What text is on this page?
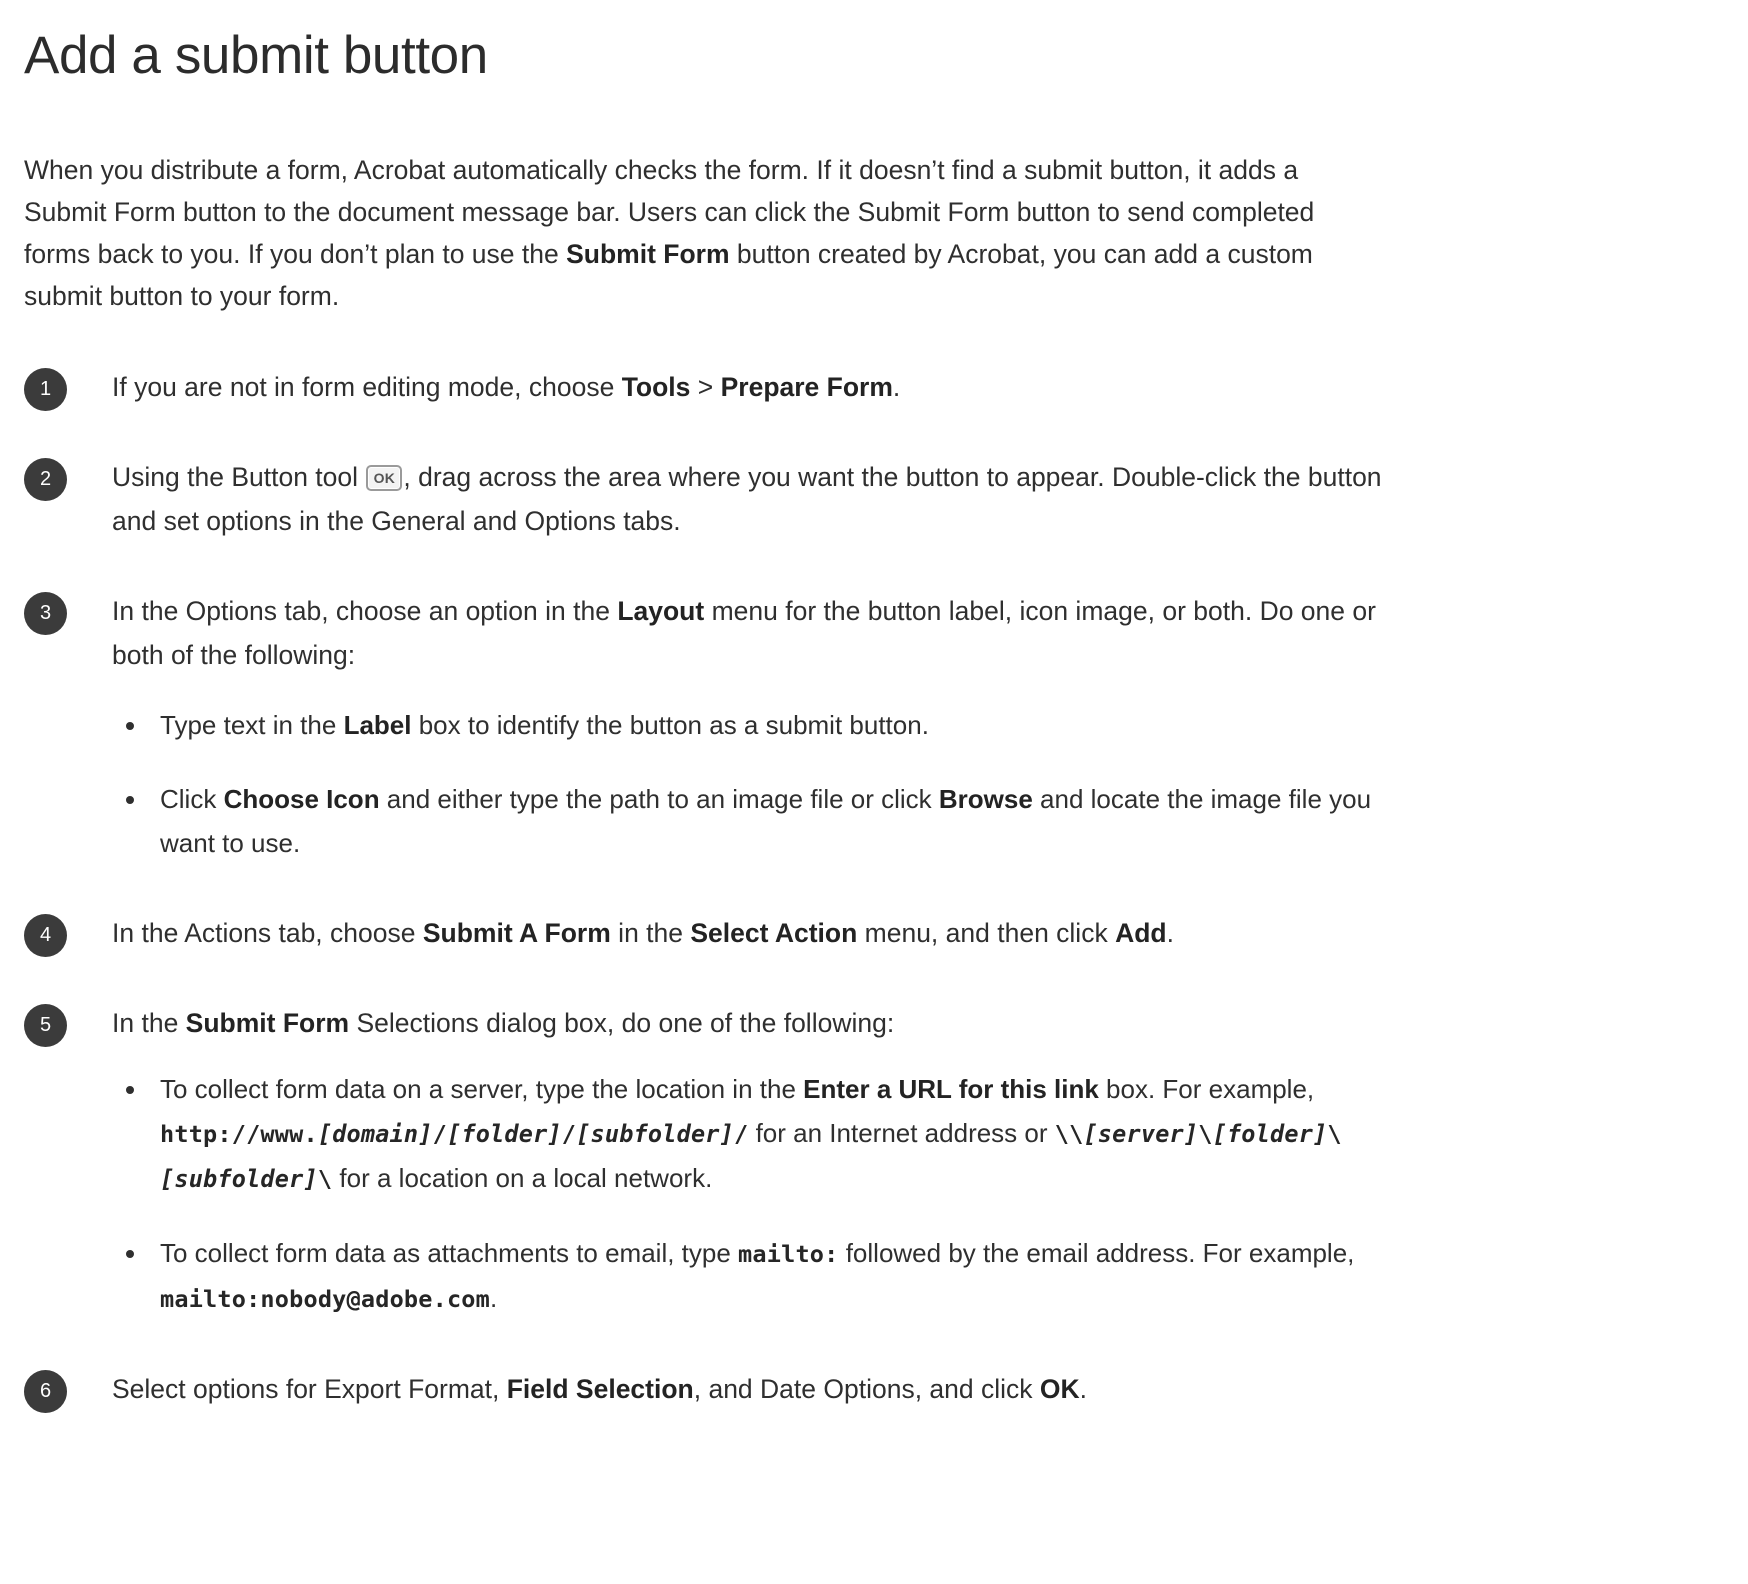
Add a submit button

When you distribute a form, Acrobat automatically checks the form. If it doesn’t find a submit button, it adds a Submit Form button to the document message bar. Users can click the Submit Form button to send completed forms back to you. If you don’t plan to use the Submit Form button created by Acrobat, you can add a custom submit button to your form.

1	If you are not in form editing mode, choose Tools > Prepare Form.
2	Using the Button tool OK , drag across the area where you want the button to appear. Double-click the button and set options in the General and Options tabs.
3	In the Options tab, choose an option in the Layout menu for the button label, icon image, or both. Do one or both of the following:
Type text in the Label box to identify the button as a submit button.
Click Choose Icon and either type the path to an image file or click Browse and locate the image file you want to use.
4	In the Actions tab, choose Submit A Form in the Select Action menu, and then click Add.
5	In the Submit Form Selections dialog box, do one of the following:
To collect form data on a server, type the location in the Enter a URL for this link box. For example, http://www.[domain]/[folder]/[subfolder]/ for an Internet address or \\[server]\[folder]\[subfolder]\ for a location on a local network.
To collect form data as attachments to email, type mailto: followed by the email address. For example, mailto:nobody@adobe.com.
6	Select options for Export Format, Field Selection, and Date Options, and click OK.
